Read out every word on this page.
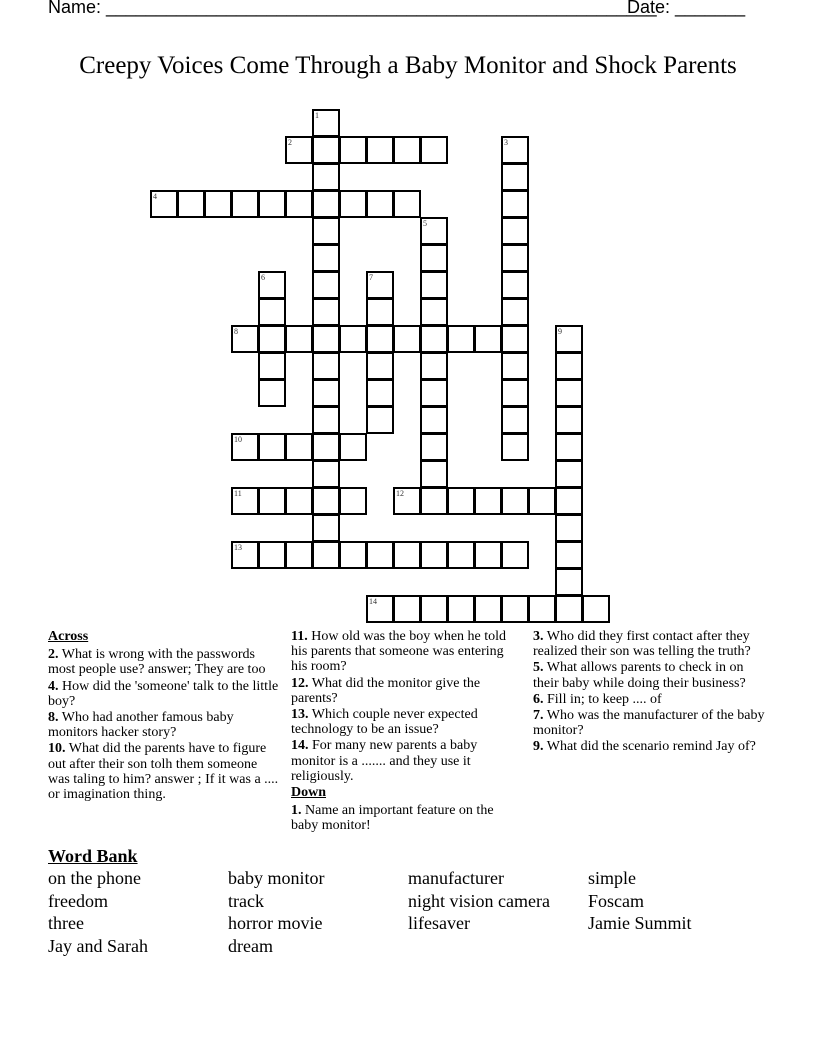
Name: _______________________________________________________
Date: _______
Creepy Voices Come Through a Baby Monitor and Shock Parents
1
2	3
4
5
6	7
8	9
10
11	12
13
14
Across
2. What is wrong with the passwords most people use? answer; They are too
4. How did the 'someone' talk to the little boy?
8. Who had another famous baby monitors hacker story?
10. What did the parents have to figure out after their son tolh them someone was taling to him? answer ; If it was a .... or imagination thing.
11. How old was the boy when he told his parents that someone was entering his room?
12. What did the monitor give the parents?
13. Which couple never expected technology to be an issue?
14. For many new parents a baby monitor is a ....... and they use it religiously.
Down
1. Name an important feature on the baby monitor!
3. Who did they first contact after they realized their son was telling the truth?
5. What allows parents to check in on their baby while doing their business?
6. Fill in; to keep .... of
7. Who was the manufacturer of the baby monitor?
9. What did the scenario remind Jay of?
Word Bank
on the phone
freedom
three
Jay and Sarah
baby monitor
track
horror movie
dream
manufacturer
night vision camera
lifesaver
simple
Foscam
Jamie Summit
